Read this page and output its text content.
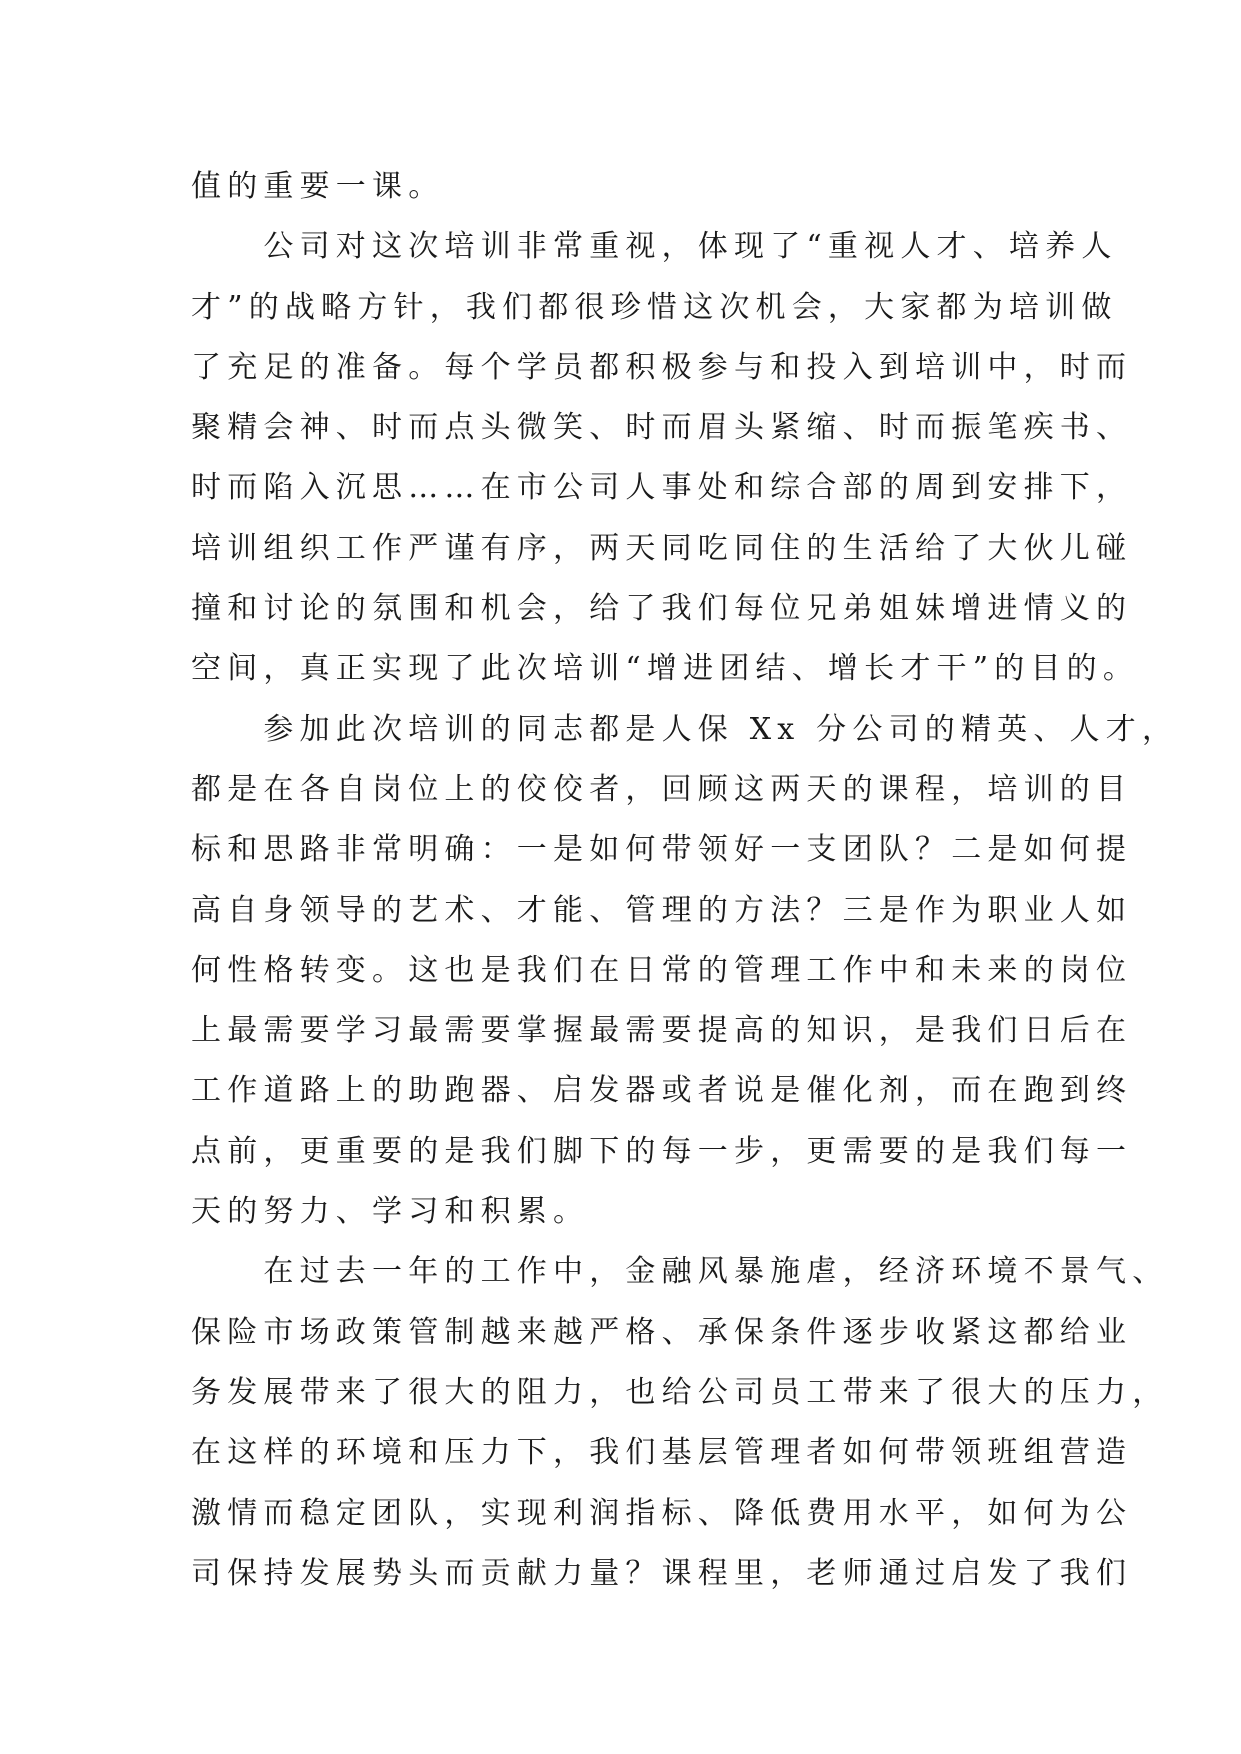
值的重要一课。
　　公司对这次培训非常重视，体现了“重视人才、培养人
才”的战略方针，我们都很珍惜这次机会，大家都为培训做
了充足的准备。每个学员都积极参与和投入到培训中，时而
聚精会神、时而点头微笑、时而眉头紧缩、时而振笔疾书、
时而陷入沉思……在市公司人事处和综合部的周到安排下，
培训组织工作严谨有序，两天同吃同住的生活给了大伙儿碰
撞和讨论的氛围和机会，给了我们每位兄弟姐妹增进情义的
空间，真正实现了此次培训“增进团结、增长才干”的目的。
　　参加此次培训的同志都是人保 Xx 分公司的精英、人才，
都是在各自岗位上的佼佼者，回顾这两天的课程，培训的目
标和思路非常明确：一是如何带领好一支团队？二是如何提
高自身领导的艺术、才能、管理的方法？三是作为职业人如
何性格转变。这也是我们在日常的管理工作中和未来的岗位
上最需要学习最需要掌握最需要提高的知识，是我们日后在
工作道路上的助跑器、启发器或者说是催化剂，而在跑到终
点前，更重要的是我们脚下的每一步，更需要的是我们每一
天的努力、学习和积累。
　　在过去一年的工作中，金融风暴施虐，经济环境不景气、
保险市场政策管制越来越严格、承保条件逐步收紧这都给业
务发展带来了很大的阻力，也给公司员工带来了很大的压力，
在这样的环境和压力下，我们基层管理者如何带领班组营造
激情而稳定团队，实现利润指标、降低费用水平，如何为公
司保持发展势头而贡献力量？课程里，老师通过启发了我们
